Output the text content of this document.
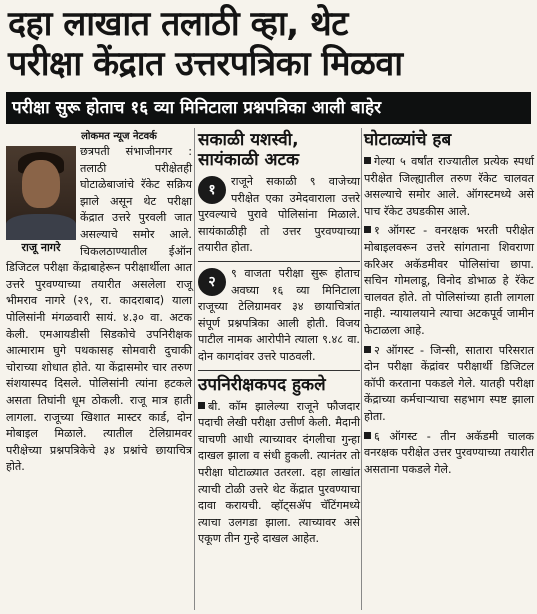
दहा लाखात तलाठी व्हा, थेट
परीक्षा केंद्रात उत्तरपत्रिका मिळवा
परीक्षा सुरू होताच १६ व्या मिनिटाला प्रश्नपत्रिका आली बाहेर
लोकमत न्यूज नेटवर्क
राजू नागरे

छत्रपती संभाजीनगर : तलाठी परीक्षेतही घोटाळेबाजांचे रॅकेट सक्रिय झाले असून थेट परीक्षा केंद्रात उत्तरे पुरवली जात असल्याचे समोर आले. चिकलठाण्यातील ईऑन डिजिटल परीक्षा केंद्राबाहेरून परीक्षार्थीला आत उत्तरे पुरवण्याच्या तयारीत असलेला राजू भीमराव नागरे (२९, रा. कादराबाद) याला पोलिसांनी मंगळवारी सायं. ४.३० वा. अटक केली. एमआयडीसी सिडकोचे उपनिरीक्षक आत्माराम घुगे पथकासह सोमवारी दुचाकी चोराच्या शोधात होते. या केंद्रासमोर चार तरुण संशयास्पद दिसले. पोलिसांनी त्यांना हटकले असता तिघांनी धूम ठोकली. राजू मात्र हाती लागला. राजूच्या खिशात मास्टर कार्ड, दोन मोबाइल मिळाले. त्यातील टेलिग्रामवर परीक्षेच्या प्रश्नपत्रिकेचे ३४ प्रश्नांचे छायाचित्र होते.

सकाळी यशस्वी, सायंकाळी अटक

१
राजूने सकाळी ९ वाजेच्या परीक्षेत एका उमेदवाराला उत्तरे पुरवल्याचे पुरावे पोलिसांना मिळाले. सायंकाळीही तो उत्तर पुरवण्याच्या तयारीत होता.

२
९ वाजता परीक्षा सुरू होताच अवघ्या १६ व्या मिनिटाला राजूच्या टेलिग्रामवर ३४ छायाचित्रांत संपूर्ण प्रश्नपत्रिका आली होती. विजय पाटील नामक आरोपीने त्याला ९.४८ वा. दोन कागदांवर उत्तरे पाठवली.

उपनिरीक्षकपद हुकले

बी. कॉम झालेल्या राजूने फौजदार पदाची लेखी परीक्षा उत्तीर्ण केली. मैदानी चाचणी आधी त्याच्यावर दंगलीचा गुन्हा दाखल झाला व संधी हुकली. त्यानंतर तो परीक्षा घोटाळ्यात उतरला. दहा लाखांत त्याची टोळी उत्तरे थेट केंद्रात पुरवण्याचा दावा करायची. व्हॉट्सॲप चॅटिंगमध्ये त्याचा उलगडा झाला. त्याच्यावर असे एकूण तीन गुन्हे दाखल आहेत.

घोटाळ्यांचे हब
गेल्या ५ वर्षांत राज्यातील प्रत्येक स्पर्धा परीक्षेत जिल्ह्यातील तरुण रॅकेट चालवत असल्याचे समोर आले. ऑगस्टमध्ये असे पाच रॅकेट उघडकीस आले.
१ ऑगस्ट - वनरक्षक भरती परीक्षेत मोबाइलवरून उत्तरे सांगताना शिवराणा करिअर अकॅडमीवर पोलिसांचा छापा. सचिन गोमलाडू, विनोद डोभाळ हे रॅकेट चालवत होते. तो पोलिसांच्या हाती लागला नाही. न्यायालयाने त्याचा अटकपूर्व जामीन फेटाळला आहे.
२ ऑगस्ट - जिन्सी, सातारा परिसरात दोन परीक्षा केंद्रांवर परीक्षार्थी डिजिटल कॉपी करताना पकडले गेले. यातही परीक्षा केंद्राच्या कर्मचाऱ्याचा सहभाग स्पष्ट झाला होता.
६ ऑगस्ट - तीन अकॅडमी चालक वनरक्षक परीक्षेत उत्तर पुरवण्याच्या तयारीत असताना पकडले गेले.
